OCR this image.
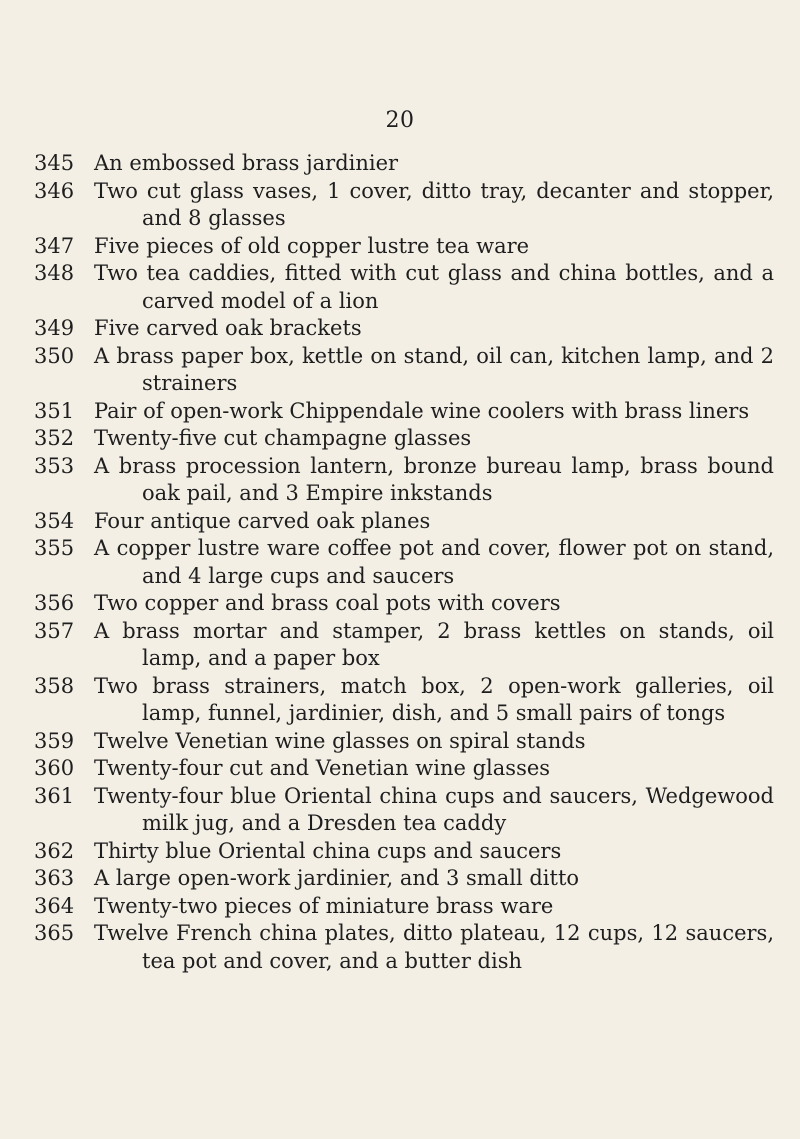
20
345 An embossed brass jardinier
346 Two cut glass vases, 1 cover, ditto tray, decanter and stopper, and 8 glasses
347 Five pieces of old copper lustre tea ware
348 Two tea caddies, fitted with cut glass and china bottles, and a carved model of a lion
349 Five carved oak brackets
350 A brass paper box, kettle on stand, oil can, kitchen lamp, and 2 strainers
351 Pair of open-work Chippendale wine coolers with brass liners
352 Twenty-five cut champagne glasses
353 A brass procession lantern, bronze bureau lamp, brass bound oak pail, and 3 Empire inkstands
354 Four antique carved oak planes
355 A copper lustre ware coffee pot and cover, flower pot on stand, and 4 large cups and saucers
356 Two copper and brass coal pots with covers
357 A brass mortar and stamper, 2 brass kettles on stands, oil lamp, and a paper box
358 Two brass strainers, match box, 2 open-work galleries, oil lamp, funnel, jardinier, dish, and 5 small pairs of tongs
359 Twelve Venetian wine glasses on spiral stands
360 Twenty-four cut and Venetian wine glasses
361 Twenty-four blue Oriental china cups and saucers, Wedgewood milk jug, and a Dresden tea caddy
362 Thirty blue Oriental china cups and saucers
363 A large open-work jardinier, and 3 small ditto
364 Twenty-two pieces of miniature brass ware
365 Twelve French china plates, ditto plateau, 12 cups, 12 saucers, tea pot and cover, and a butter dish
